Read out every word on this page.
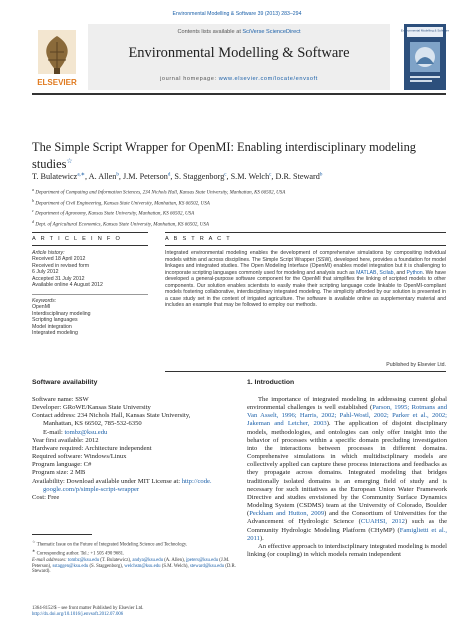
Environmental Modelling & Software 39 (2013) 283–294
ELSEVIER
Contents lists available at SciVerse ScienceDirect
Environmental Modelling & Software
journal homepage: www.elsevier.com/locate/envsoft
Environmental Modelling & Software
The Simple Script Wrapper for OpenMI: Enabling interdisciplinary modeling studies☆
T. Bulatewicz$^{a,∗}$, A. Allen$^b$, J.M. Peterson$^d$, S. Staggenborg$^c$, S.M. Welch$^c$, D.R. Steward$^b$
$^a$ Department of Computing and Information Sciences, 234 Nichols Hall, Kansas State University, Manhattan, KS 66502, USA
$^b$ Department of Civil Engineering, Kansas State University, Manhattan, KS 66502, USA
$^c$ Department of Agronomy, Kansas State University, Manhattan, KS 66502, USA
$^d$ Dept. of Agricultural Economics, Kansas State University, Manhattan, KS 66502, USA
A R T I C L E I N F O	A B S T R A C T
Article history:
Received 18 April 2012
Received in revised form
6 July 2012
Accepted 31 July 2012
Available online 4 August 2012
Keywords:
OpenMI
Interdisciplinary modeling
Scripting languages
Model integration
Integrated modeling
Integrated environmental modeling enables the development of comprehensive simulations by compositing individual models within and across disciplines. The Simple Script Wrapper (SSW), developed here, provides a foundation for model linkages and integrated studies. The Open Modeling Interface (OpenMI) enables model integration but it is challenging to incorporate scripting languages commonly used for modeling and analysis such as MATLAB, Scilab, and Python. We have developed a general-purpose software component for the OpenMI that simplifies the linking of scripted models to other components. Our solution enables scientists to easily make their scripting language code linkable to OpenMI-compliant models fostering collaborative, interdisciplinary integrated modeling. The simplicity afforded by our solution is presented in a case study set in the context of irrigated agriculture. The software is available online as supplementary material and includes an example that may be followed to employ our methods.
Published by Elsevier Ltd.
Software availability
Software name: SSW
Developer: GRoWE/Kansas State University
Contact address: 234 Nichols Hall, Kansas State University,
Manhattan, KS 66502, 785-532-6350
E-mail: tombz@ksu.edu
Year first available: 2012
Hardware required: Architecture independent
Required software: Windows/Linux
Program language: C#
Program size: 2 MB
Availability: Download available under MIT License at: http://code.
google.com/p/simple-script-wrapper
Cost: Free
1. Introduction
The importance of integrated modeling in addressing current global environmental challenges is well established (Parson, 1995; Rotmans and Van Asselt, 1996; Harris, 2002; Pahl-Wostl, 2002; Parker et al., 2002; Jakeman and Letcher, 2003). The application of disjoint disciplinary models, methodologies, and ontologies can only offer insight into the behavior of processes within a specific domain precluding investigation into the interactions between processes in different domains. Comprehensive simulations in which multidisciplinary models are collectively applied can capture these process interactions and feedbacks as they propagate across domains. Integrated modeling that bridges traditionally isolated domains is an emerging field of study and is necessary for such initiatives as the European Union Water Framework Directive and studies envisioned by the Community Surface Dynamics Modeling System (CSDMS) team at the University of Colorado, Boulder (Peckham and Hutton, 2009) and the Consortium of Universities for the Advancement of Hydrologic Science (CUAHSI, 2012) such as the Community Hydrologic Modeling Platform (CHyMP) (Famiglietti et al., 2011).
An effective approach to interdisciplinary integrated modeling is model linking (or coupling) in which models remain independent
☆ Thematic Issue on the Future of Integrated Modeling Science and Technology.
∗ Corresponding author. Tel.: +1 505 490 9681.
E-mail addresses: tombz@ksu.edu (T. Bulatewicz), andya@ksu.edu (A. Allen), jpeters@ksu.edu (J.M. Peterson), sstaggen@ksu.edu (S. Staggenborg), welchsm@ksu.edu (S.M. Welch), steward@ksu.edu (D.R. Steward).
1364-8152/$ – see front matter Published by Elsevier Ltd.
http://dx.doi.org/10.1016/j.envsoft.2012.07.006
